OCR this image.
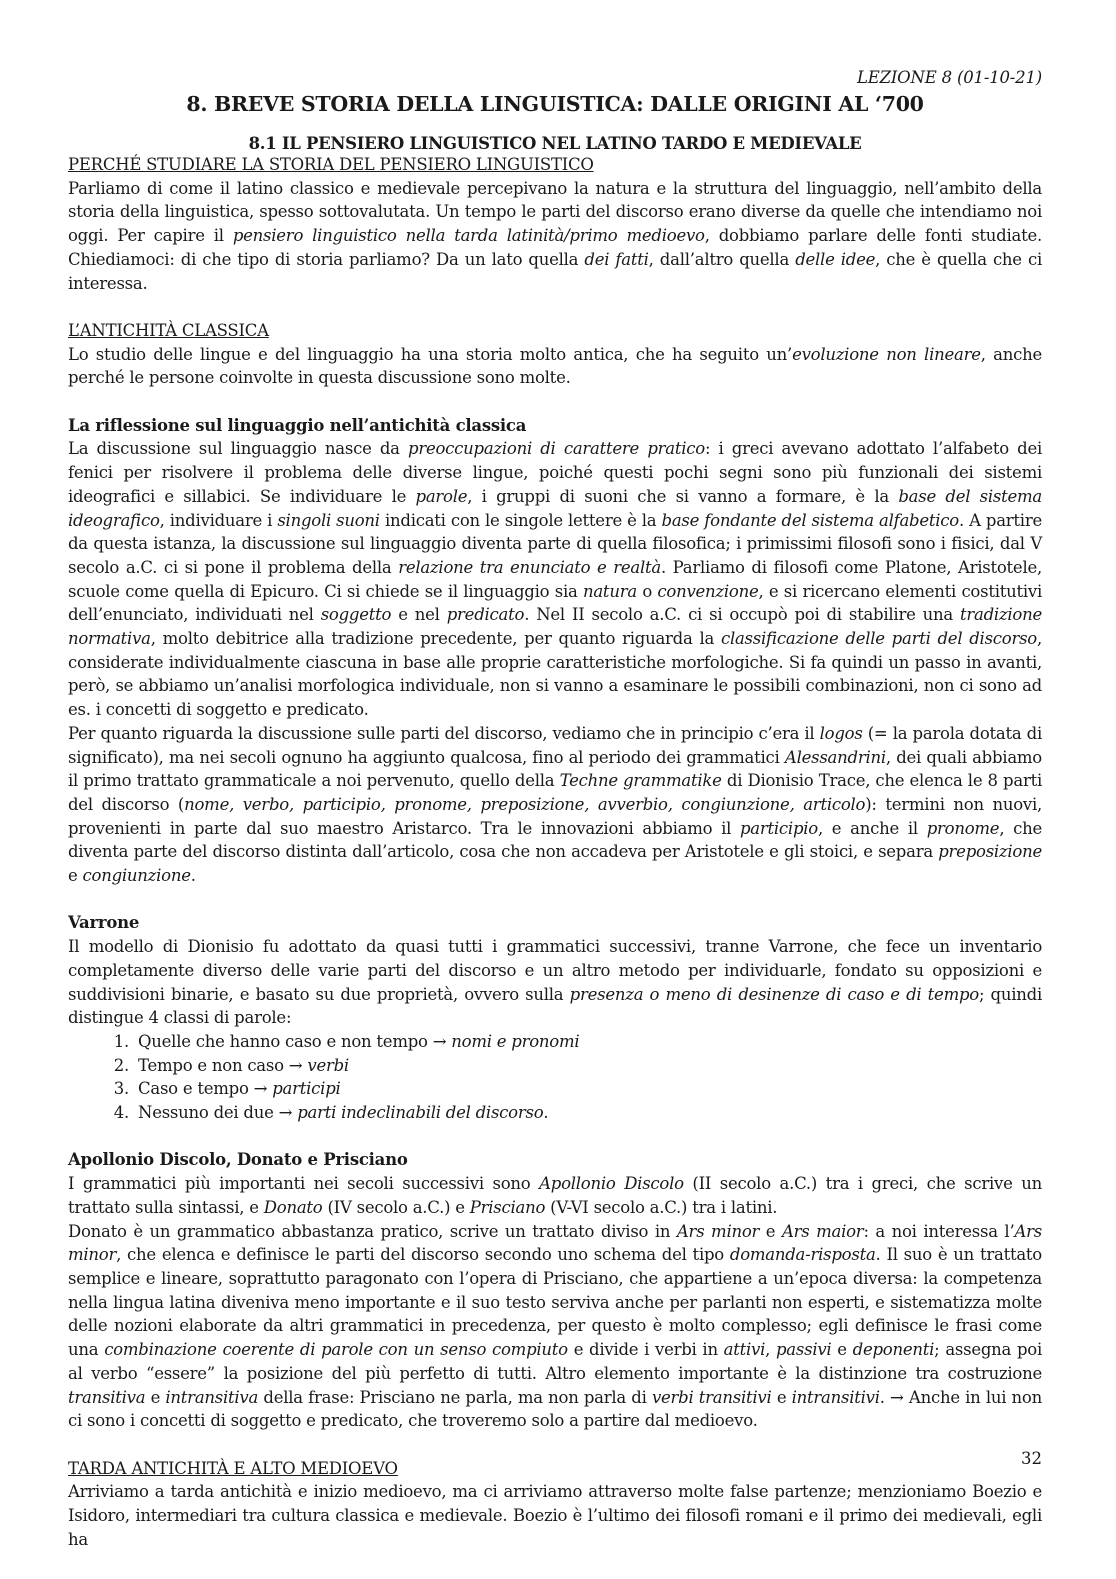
LEZIONE 8 (01-10-21)
8. BREVE STORIA DELLA LINGUISTICA: DALLE ORIGINI AL ‘700
8.1 IL PENSIERO LINGUISTICO NEL LATINO TARDO E MEDIEVALE
PERCHÉ STUDIARE LA STORIA DEL PENSIERO LINGUISTICO

Parliamo di come il latino classico e medievale percepivano la natura e la struttura del linguaggio, nell’ambito della storia della linguistica, spesso sottovalutata. Un tempo le parti del discorso erano diverse da quelle che intendiamo noi oggi. Per capire il pensiero linguistico nella tarda latinità/primo medioevo, dobbiamo parlare delle fonti studiate. Chiediamoci: di che tipo di storia parliamo? Da un lato quella dei fatti, dall’altro quella delle idee, che è quella che ci interessa.

L’ANTICHITÀ CLASSICA

Lo studio delle lingue e del linguaggio ha una storia molto antica, che ha seguito un’evoluzione non lineare, anche perché le persone coinvolte in questa discussione sono molte.

La riflessione sul linguaggio nell’antichità classica

La discussione sul linguaggio nasce da preoccupazioni di carattere pratico: i greci avevano adottato l’alfabeto dei fenici per risolvere il problema delle diverse lingue, poiché questi pochi segni sono più funzionali dei sistemi ideografici e sillabici. Se individuare le parole, i gruppi di suoni che si vanno a formare, è la base del sistema ideografico, individuare i singoli suoni indicati con le singole lettere è la base fondante del sistema alfabetico. A partire da questa istanza, la discussione sul linguaggio diventa parte di quella filosofica; i primissimi filosofi sono i fisici, dal V secolo a.C. ci si pone il problema della relazione tra enunciato e realtà. Parliamo di filosofi come Platone, Aristotele, scuole come quella di Epicuro. Ci si chiede se il linguaggio sia natura o convenzione, e si ricercano elementi costitutivi dell’enunciato, individuati nel soggetto e nel predicato. Nel II secolo a.C. ci si occupò poi di stabilire una tradizione normativa, molto debitrice alla tradizione precedente, per quanto riguarda la classificazione delle parti del discorso, considerate individualmente ciascuna in base alle proprie caratteristiche morfologiche. Si fa quindi un passo in avanti, però, se abbiamo un’analisi morfologica individuale, non si vanno a esaminare le possibili combinazioni, non ci sono ad es. i concetti di soggetto e predicato.

Per quanto riguarda la discussione sulle parti del discorso, vediamo che in principio c’era il logos (= la parola dotata di significato), ma nei secoli ognuno ha aggiunto qualcosa, fino al periodo dei grammatici Alessandrini, dei quali abbiamo il primo trattato grammaticale a noi pervenuto, quello della Techne grammatike di Dionisio Trace, che elenca le 8 parti del discorso (nome, verbo, participio, pronome, preposizione, avverbio, congiunzione, articolo): termini non nuovi, provenienti in parte dal suo maestro Aristarco. Tra le innovazioni abbiamo il participio, e anche il pronome, che diventa parte del discorso distinta dall’articolo, cosa che non accadeva per Aristotele e gli stoici, e separa preposizione e congiunzione.

Varrone

Il modello di Dionisio fu adottato da quasi tutti i grammatici successivi, tranne Varrone, che fece un inventario completamente diverso delle varie parti del discorso e un altro metodo per individuarle, fondato su opposizioni e suddivisioni binarie, e basato su due proprietà, ovvero sulla presenza o meno di desinenze di caso e di tempo; quindi distingue 4 classi di parole:

1. Quelle che hanno caso e non tempo → nomi e pronomi
2. Tempo e non caso → verbi
3. Caso e tempo → participi
4. Nessuno dei due → parti indeclinabili del discorso.
Apollonio Discolo, Donato e Prisciano

I grammatici più importanti nei secoli successivi sono Apollonio Discolo (II secolo a.C.) tra i greci, che scrive un trattato sulla sintassi, e Donato (IV secolo a.C.) e Prisciano (V-VI secolo a.C.) tra i latini.

Donato è un grammatico abbastanza pratico, scrive un trattato diviso in Ars minor e Ars maior: a noi interessa l’Ars minor, che elenca e definisce le parti del discorso secondo uno schema del tipo domanda-risposta. Il suo è un trattato semplice e lineare, soprattutto paragonato con l’opera di Prisciano, che appartiene a un’epoca diversa: la competenza nella lingua latina diveniva meno importante e il suo testo serviva anche per parlanti non esperti, e sistematizza molte delle nozioni elaborate da altri grammatici in precedenza, per questo è molto complesso; egli definisce le frasi come una combinazione coerente di parole con un senso compiuto e divide i verbi in attivi, passivi e deponenti; assegna poi al verbo “essere” la posizione del più perfetto di tutti. Altro elemento importante è la distinzione tra costruzione transitiva e intransitiva della frase: Prisciano ne parla, ma non parla di verbi transitivi e intransitivi. → Anche in lui non ci sono i concetti di soggetto e predicato, che troveremo solo a partire dal medioevo.

TARDA ANTICHITÀ E ALTO MEDIOEVO

Arriviamo a tarda antichità e inizio medioevo, ma ci arriviamo attraverso molte false partenze; menzioniamo Boezio e Isidoro, intermediari tra cultura classica e medievale. Boezio è l’ultimo dei filosofi romani e il primo dei medievali, egli ha

32
